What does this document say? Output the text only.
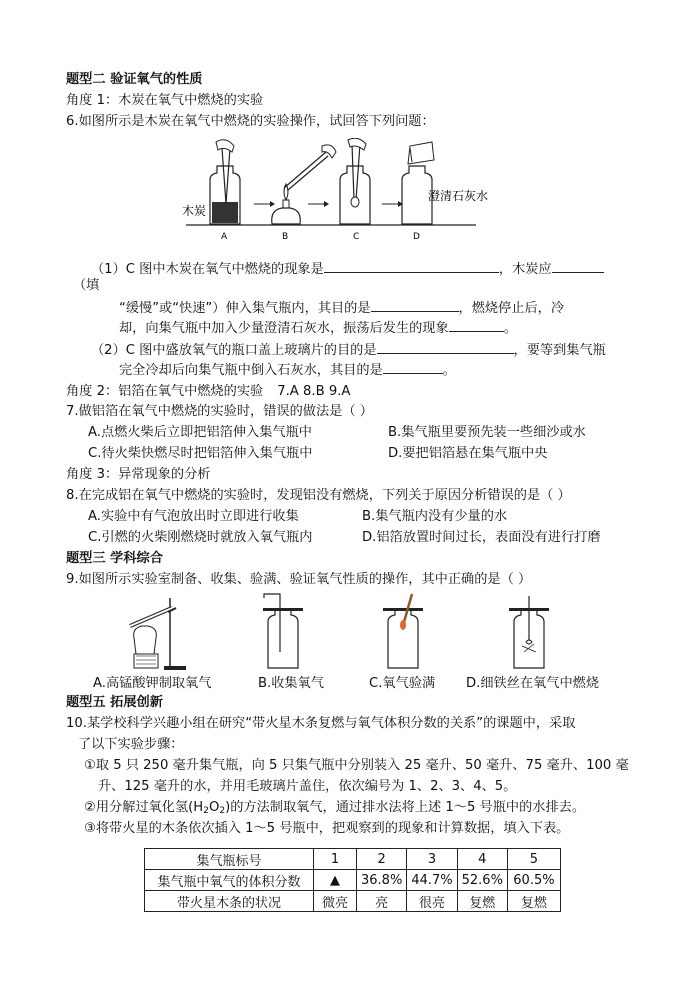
题型二 验证氧气的性质
角度 1：木炭在氧气中燃烧的实验
6.如图所示是木炭在氧气中燃烧的实验操作，试回答下列问题：
木炭
澄清石灰水
A	B	C	D
（1）C 图中木炭在氧气中燃烧的现象是	，木炭应
（填
“缓慢”或“快速”）伸入集气瓶内，其目的是	，燃烧停止后，冷
却，向集气瓶中加入少量澄清石灰水，振荡后发生的现象	。
（2）C 图中盛放氧气的瓶口盖上玻璃片的目的是	，要等到集气瓶
完全冷却后向集气瓶中倒入石灰水，其目的是	。
角度 2：铝箔在氧气中燃烧的实验 7.A 8.B 9.A
7.做铝箔在氧气中燃烧的实验时，错误的做法是（ ）
A.点燃火柴后立即把铝箔伸入集气瓶中	B.集气瓶里要预先装一些细沙或水
C.待火柴快燃尽时把铝箔伸入集气瓶中	D.要把铝箔悬在集气瓶中央
角度 3：异常现象的分析
8.在完成铝在氧气中燃烧的实验时，发现铝没有燃烧，下列关于原因分析错误的是（ ）
A.实验中有气泡放出时立即进行收集	B.集气瓶内没有少量的水
C.引燃的火柴刚燃烧时就放入氧气瓶内	D.铝箔放置时间过长，表面没有进行打磨
题型三 学科综合
9.如图所示实验室制备、收集、验满、验证氧气性质的操作，其中正确的是（ ）
A.高锰酸钾制取氧气	B.收集氧气	C.氧气验满 D.细铁丝在氧气中燃烧
题型五 拓展创新
10.某学校科学兴趣小组在研究“带火星木条复燃与氧气体积分数的关系”的课题中，采取
了以下实验步骤：
①取 5 只 250 毫升集气瓶，向 5 只集气瓶中分别装入 25 毫升、50 毫升、75 毫升、100 毫
升、125 毫升的水，并用毛玻璃片盖住，依次编号为 1、2、3、4、5。
②用分解过氧化氢$(H_2O_2)$的方法制取氧气，通过排水法将上述 1～5 号瓶中的水排去。
③将带火星的木条依次插入 1～5 号瓶中，把观察到的现象和计算数据，填入下表。
集气瓶标号	1	2	3	4	5
集气瓶中氧气的体积分数	▲	36.8%	44.7%	52.6%	60.5%
带火星木条的状况	微亮	亮	很亮	复燃	复燃
